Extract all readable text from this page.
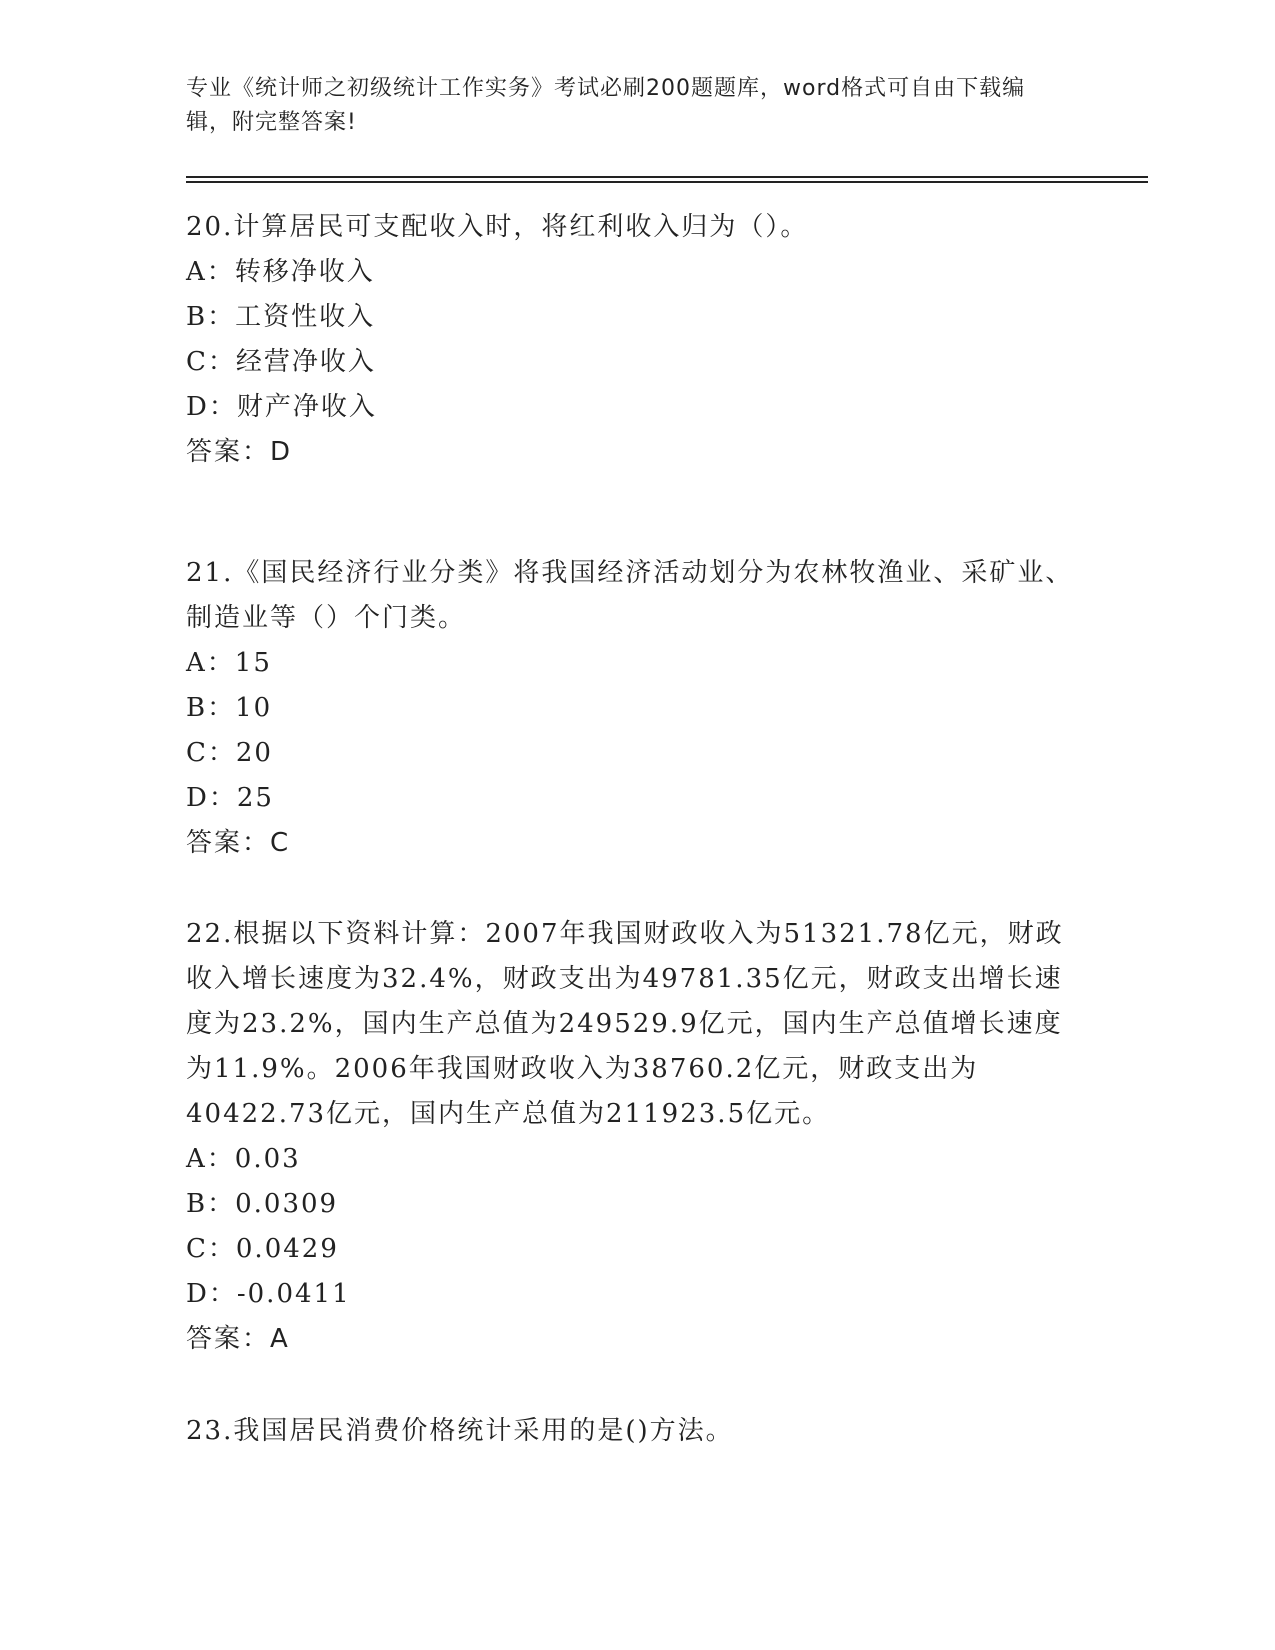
专业《统计师之初级统计工作实务》考试必刷200题题库，word格式可自由下载编辑，附完整答案!

20.计算居民可支配收入时，将红利收入归为（）。

A：转移净收入

B：工资性收入

C：经营净收入

D：财产净收入

答案：D

21.《国民经济行业分类》将我国经济活动划分为农林牧渔业、采矿业、制造业等（）个门类。

A：15

B：10

C：20

D：25

答案：C

22.根据以下资料计算：2007年我国财政收入为51321.78亿元，财政收入增长速度为32.4%，财政支出为49781.35亿元，财政支出增长速度为23.2%，国内生产总值为249529.9亿元，国内生产总值增长速度为11.9%。2006年我国财政收入为38760.2亿元，财政支出为40422.73亿元，国内生产总值为211923.5亿元。

A：0.03

B：0.0309

C：0.0429

D：-0.0411

答案：A

23.我国居民消费价格统计采用的是()方法。
